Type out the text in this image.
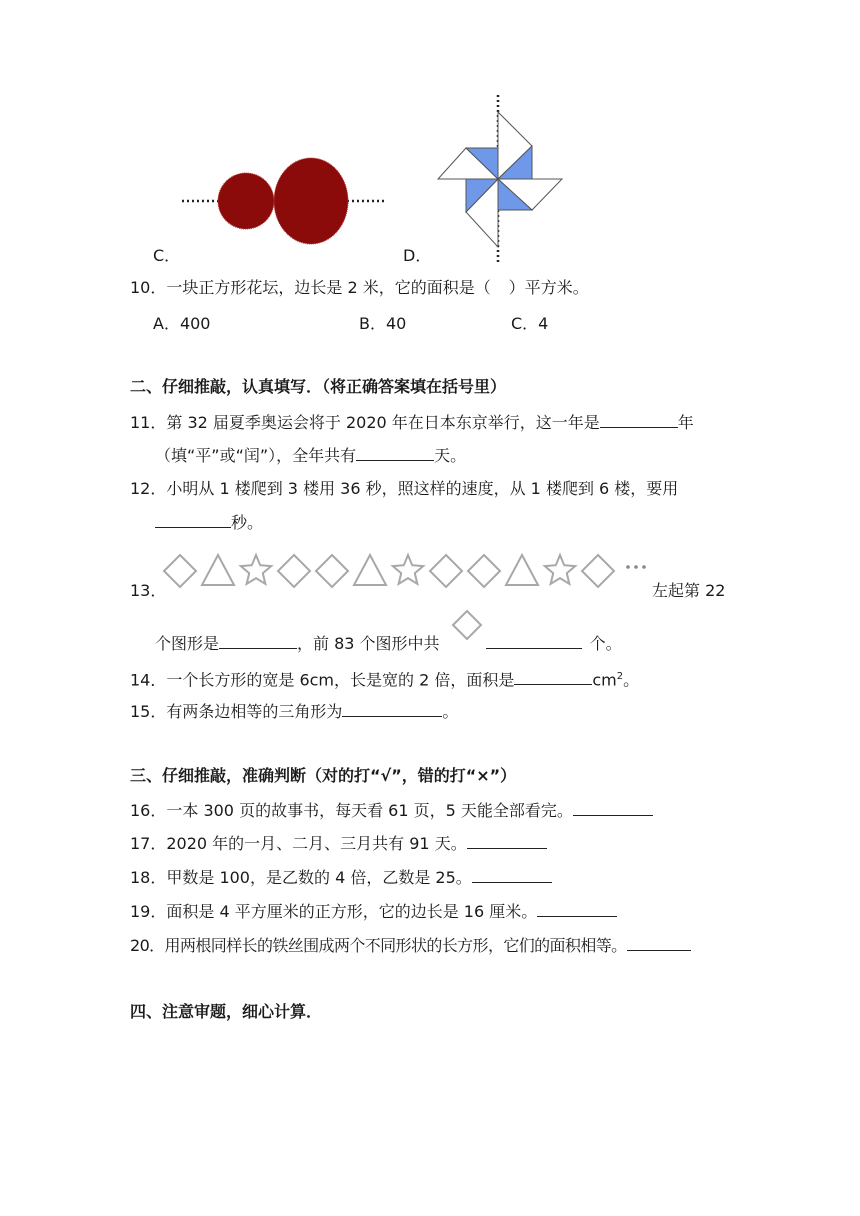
C．	D．
10．一块正方形花坛，边长是 2 米，它的面积是（ ）平方米。
A．400	B．40	C．4
二、仔细推敲，认真填写．（将正确答案填在括号里）
11．第 32 届夏季奥运会将于 2020 年在日本东京举行，这一年是	年
（填“平”或“闰”），全年共有	天。
12．小明从 1 楼爬到 3 楼用 36 秒，照这样的速度，从 1 楼爬到 6 楼，要用
秒。
13．	左起第 22
个图形是	，前 83 个图形中共	个。
14．一个长方形的宽是 6cm，长是宽的 2 倍，面积是	$cm^2$。
15．有两条边相等的三角形为	。
三、仔细推敲，准确判断（对的打“√”，错的打“×”）
16．一本 300 页的故事书，每天看 61 页，5 天能全部看完。
17．2020 年的一月、二月、三月共有 91 天。
18．甲数是 100，是乙数的 4 倍，乙数是 25。
19．面积是 4 平方厘米的正方形，它的边长是 16 厘米。
20．用两根同样长的铁丝围成两个不同形状的长方形，它们的面积相等。
四、注意审题，细心计算．
